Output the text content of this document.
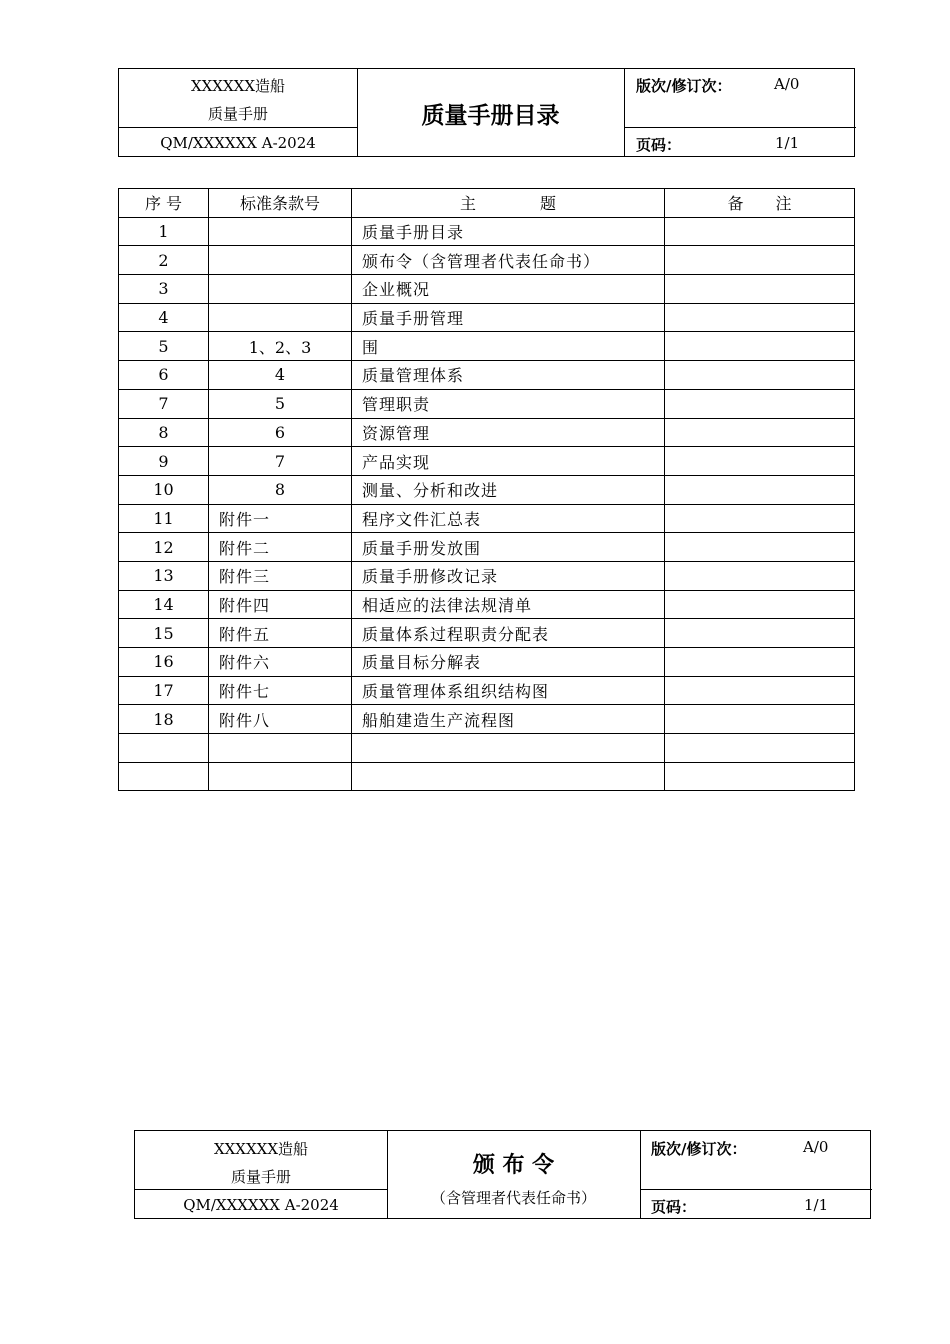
XXXXXX造船
质量手册
QM/XXXXXX A-2024
质量手册目录
版次/修订次：	A/0
页码：	1/1
序 号	标准条款号	主　　　　题	备　　注
1		质量手册目录	
2		颁布令（含管理者代表任命书）	
3		企业概况	
4		质量手册管理	
5	1、2、3	围	
6	4	质量管理体系	
7	5	管理职责	
8	6	资源管理	
9	7	产品实现	
10	8	测量、分析和改进	
11	附件一	程序文件汇总表	
12	附件二	质量手册发放围	
13	附件三	质量手册修改记录	
14	附件四	相适应的法律法规清单	
15	附件五	质量体系过程职责分配表	
16	附件六	质量目标分解表	
17	附件七	质量管理体系组织结构图	
18	附件八	船舶建造生产流程图	

XXXXXX造船
质量手册
QM/XXXXXX A-2024
颁 布 令
（含管理者代表任命书）
版次/修订次：	A/0
页码：	1/1
